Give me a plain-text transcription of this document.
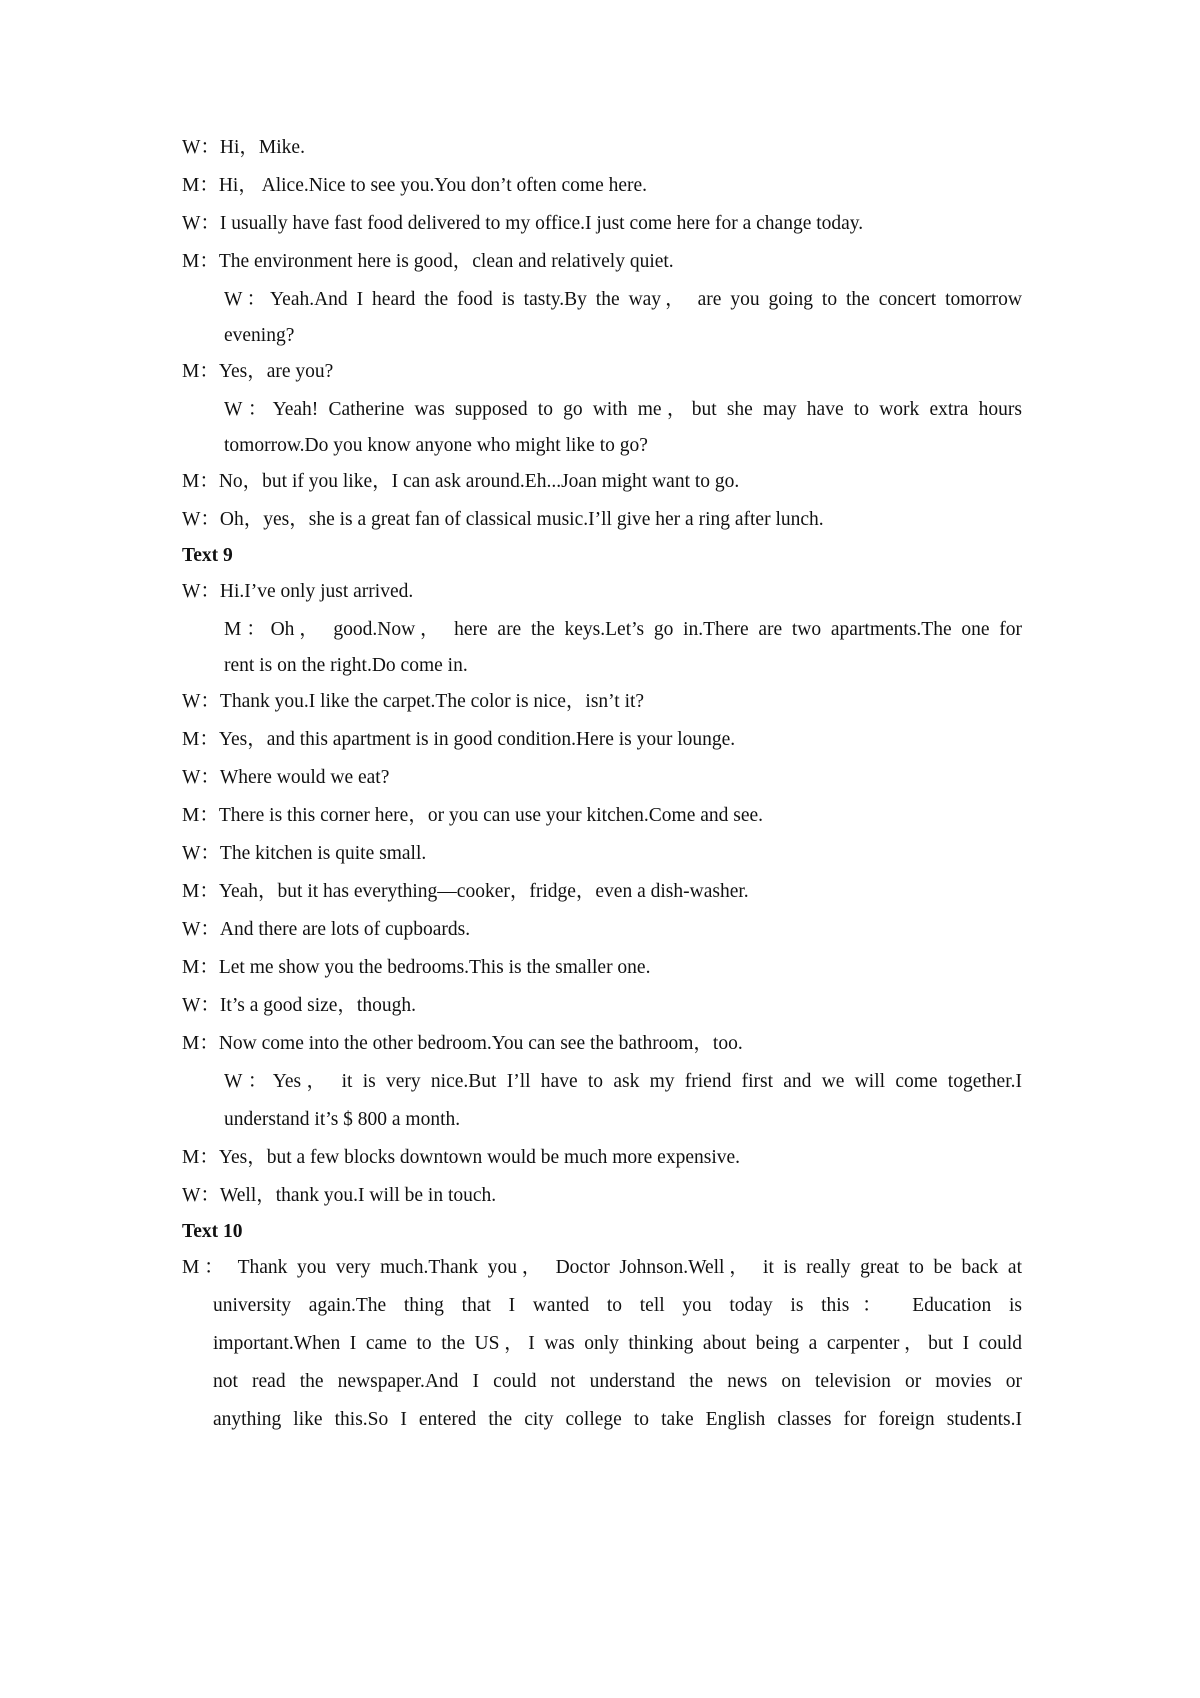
W：Hi，Mike.
M：Hi， Alice.Nice to see you.You don’t often come here.
W：I usually have fast food delivered to my office.I just come here for a change today.
M：The environment here is good，clean and relatively quiet.
W：Yeah.And I heard the food is tasty.By the way， are you going to the concert tomorrow
evening?
M：Yes，are you?
W：Yeah! Catherine was supposed to go with me，but she may have to work extra hours
tomorrow.Do you know anyone who might like to go?
M：No，but if you like，I can ask around.Eh...Joan might want to go.
W：Oh，yes，she is a great fan of classical music.I’ll give her a ring after lunch.
Text 9
W：Hi.I’ve only just arrived.
M：Oh， good.Now， here are the keys.Let’s go in.There are two apartments.The one for
rent is on the right.Do come in.
W：Thank you.I like the carpet.The color is nice，isn’t it?
M：Yes，and this apartment is in good condition.Here is your lounge.
W：Where would we eat?
M：There is this corner here，or you can use your kitchen.Come and see.
W：The kitchen is quite small.
M：Yeah，but it has everything—cooker，fridge，even a dish-washer.
W：And there are lots of cupboards.
M：Let me show you the bedrooms.This is the smaller one.
W：It’s a good size，though.
M：Now come into the other bedroom.You can see the bathroom，too.
W：Yes， it is very nice.But I’ll have to ask my friend first and we will come together.I
understand it’s $ 800 a month.
M：Yes，but a few blocks downtown would be much more expensive.
W：Well，thank you.I will be in touch.
Text 10
M： Thank you very much.Thank you， Doctor Johnson.Well， it is really great to be back at
university again.The thing that I wanted to tell you today is this： Education is
important.When I came to the US，I was only thinking about being a carpenter，but I could
not read the newspaper.And I could not understand the news on television or movies or
anything like this.So I entered the city college to take English classes for foreign students.I
